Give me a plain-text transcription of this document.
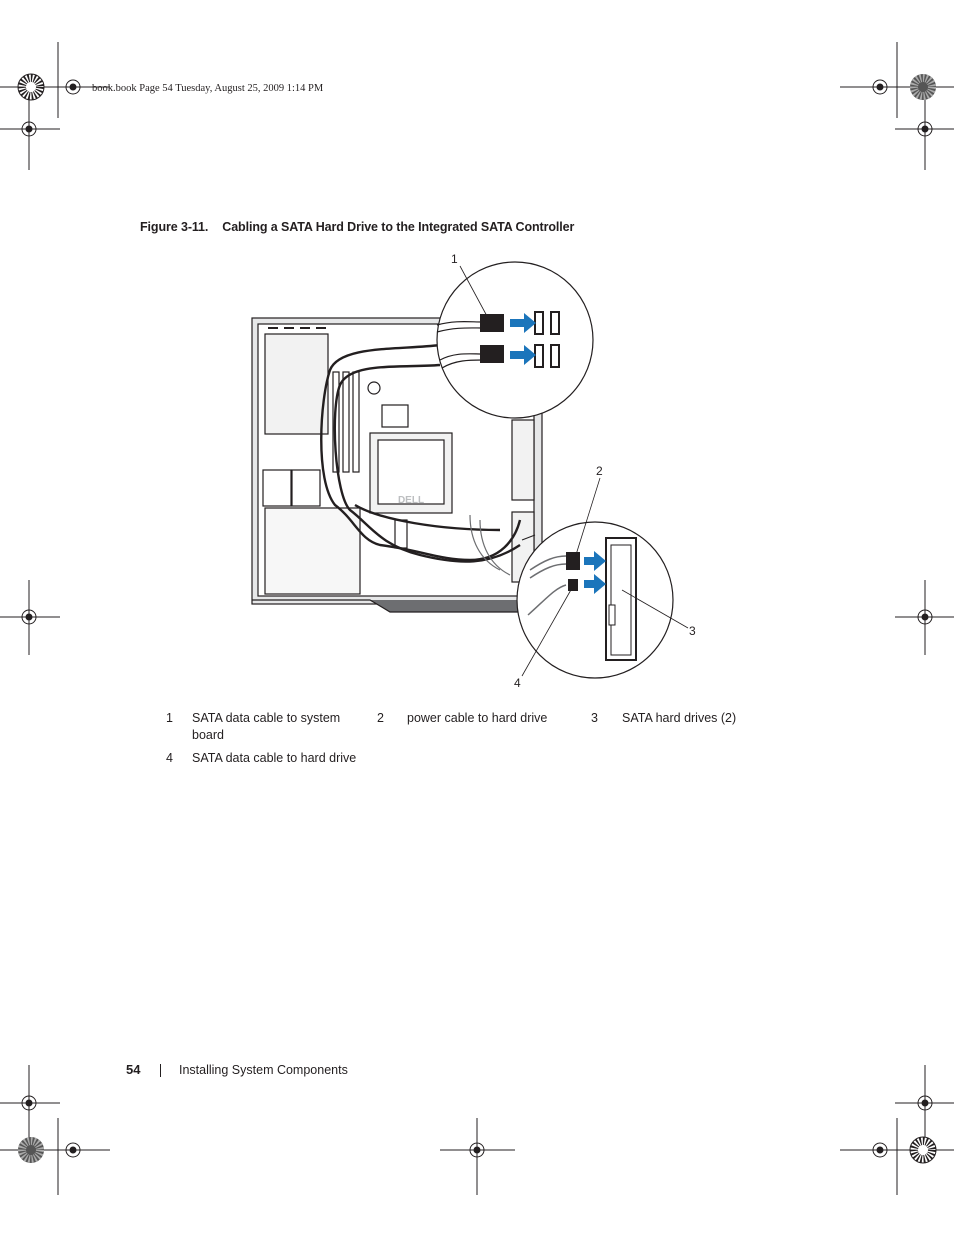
book.book Page 54 Tuesday, August 25, 2009 1:14 PM
Figure 3-11. Cabling a SATA Hard Drive to the Integrated SATA Controller
DELL
1
2
3
4
1 SATA data cable to system
board
2 power cable to hard drive	3 SATA hard drives (2)
4 SATA data cable to hard drive
54	Installing System Components
